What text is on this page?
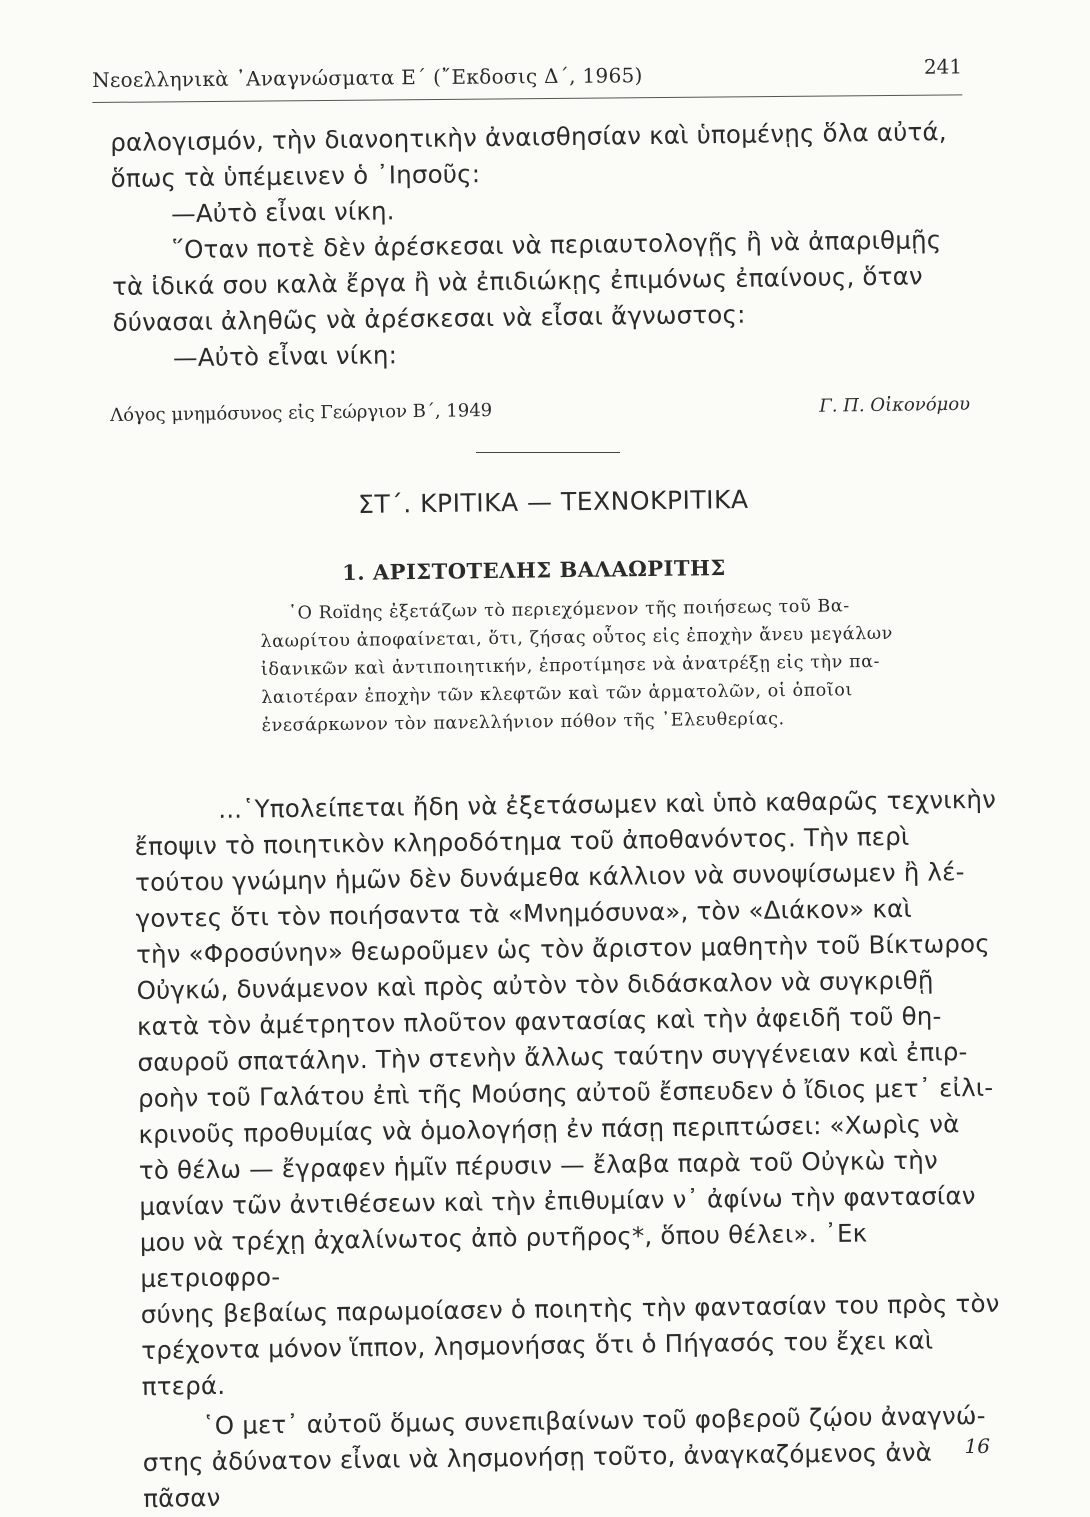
Νεοελληνικὰ ᾿Αναγνώσματα Ε΄ (῎Εκδοσις Δ΄, 1965)	241

ραλογισμόν, τὴν διανοητικὴν ἀναισθησίαν καὶ ὑπομένῃς ὅλα αὐτά,

ὅπως τὰ ὑπέμεινεν ὁ ᾿Ιησοῦς:

—Αὐτὸ εἶναι νίκη.

῞Οταν ποτὲ δὲν ἀρέσκεσαι νὰ περιαυτολογῇς ἢ νὰ ἀπαριθμῇς

τὰ ἰδικά σου καλὰ ἔργα ἢ νὰ ἐπιδιώκῃς ἐπιμόνως ἐπαίνους, ὅταν

δύνασαι ἀληθῶς νὰ ἀρέσκεσαι νὰ εἶσαι ἄγνωστος:

—Αὐτὸ εἶναι νίκη:

Λόγος μνημόσυνος εἰς Γεώργιον Β΄, 1949	Γ. Π. Οἰκονόμου
ΣΤ΄. ΚΡΙΤΙΚΑ — ΤΕΧΝΟΚΡΙΤΙΚΑ
1. ΑΡΙΣΤΟΤΕΛΗΣ ΒΑΛΑΩΡΙΤΗΣ

῾Ο Roïdης ἐξετάζων τὸ περιεχόμενον τῆς ποιήσεως τοῦ Βα-

λαωρίτου ἀποφαίνεται, ὅτι, ζήσας οὗτος εἰς ἐποχὴν ἄνευ μεγάλων
ἰδανικῶν καὶ ἀντιποιητικήν, ἐπροτίμησε νὰ ἀνατρέξῃ εἰς τὴν πα-
λαιοτέραν ἐποχὴν τῶν κλεφτῶν καὶ τῶν ἁρματολῶν, οἱ ὁποῖοι
ἐνεσάρκωνον τὸν πανελλήνιον πόθον τῆς ᾿Ελευθερίας.

...῾Υπολείπεται ἤδη νὰ ἐξετάσωμεν καὶ ὑπὸ καθαρῶς τεχνικὴν

ἔποψιν τὸ ποιητικὸν κληροδότημα τοῦ ἀποθανόντος. Τὴν περὶ

τούτου γνώμην ἡμῶν δὲν δυνάμεθα κάλλιον νὰ συνοψίσωμεν ἢ λέ-

γοντες ὅτι τὸν ποιήσαντα τὰ «Μνημόσυνα», τὸν «Διάκον» καὶ

τὴν «Φροσύνην» θεωροῦμεν ὡς τὸν ἄριστον μαθητὴν τοῦ Βίκτωρος

Οὐγκώ, δυνάμενον καὶ πρὸς αὐτὸν τὸν διδάσκαλον νὰ συγκριθῇ

κατὰ τὸν ἀμέτρητον πλοῦτον φαντασίας καὶ τὴν ἀφειδῆ τοῦ θη-

σαυροῦ σπατάλην. Τὴν στενὴν ἄλλως ταύτην συγγένειαν καὶ ἐπιρ-

ροὴν τοῦ Γαλάτου ἐπὶ τῆς Μούσης αὐτοῦ ἔσπευδεν ὁ ἴδιος μετ᾿ εἰλι-

κρινοῦς προθυμίας νὰ ὁμολογήσῃ ἐν πάσῃ περιπτώσει: «Χωρὶς νὰ

τὸ θέλω — ἔγραφεν ἡμῖν πέρυσιν — ἔλαβα παρὰ τοῦ Οὐγκὼ τὴν

μανίαν τῶν ἀντιθέσεων καὶ τὴν ἐπιθυμίαν ν᾿ ἀφίνω τὴν φαντασίαν

μου νὰ τρέχῃ ἀχαλίνωτος ἀπὸ ρυτῆρος*, ὅπου θέλει». ᾿Εκ μετριοφρο-

σύνης βεβαίως παρωμοίασεν ὁ ποιητὴς τὴν φαντασίαν του πρὸς τὸν

τρέχοντα μόνον ἵππον, λησμονήσας ὅτι ὁ Πήγασός του ἔχει καὶ

πτερά.

῾Ο μετ᾿ αὐτοῦ ὅμως συνεπιβαίνων τοῦ φοβεροῦ ζῴου ἀναγνώ-

στης ἀδύνατον εἶναι νὰ λησμονήσῃ τοῦτο, ἀναγκαζόμενος ἀνὰ πᾶσαν

16
